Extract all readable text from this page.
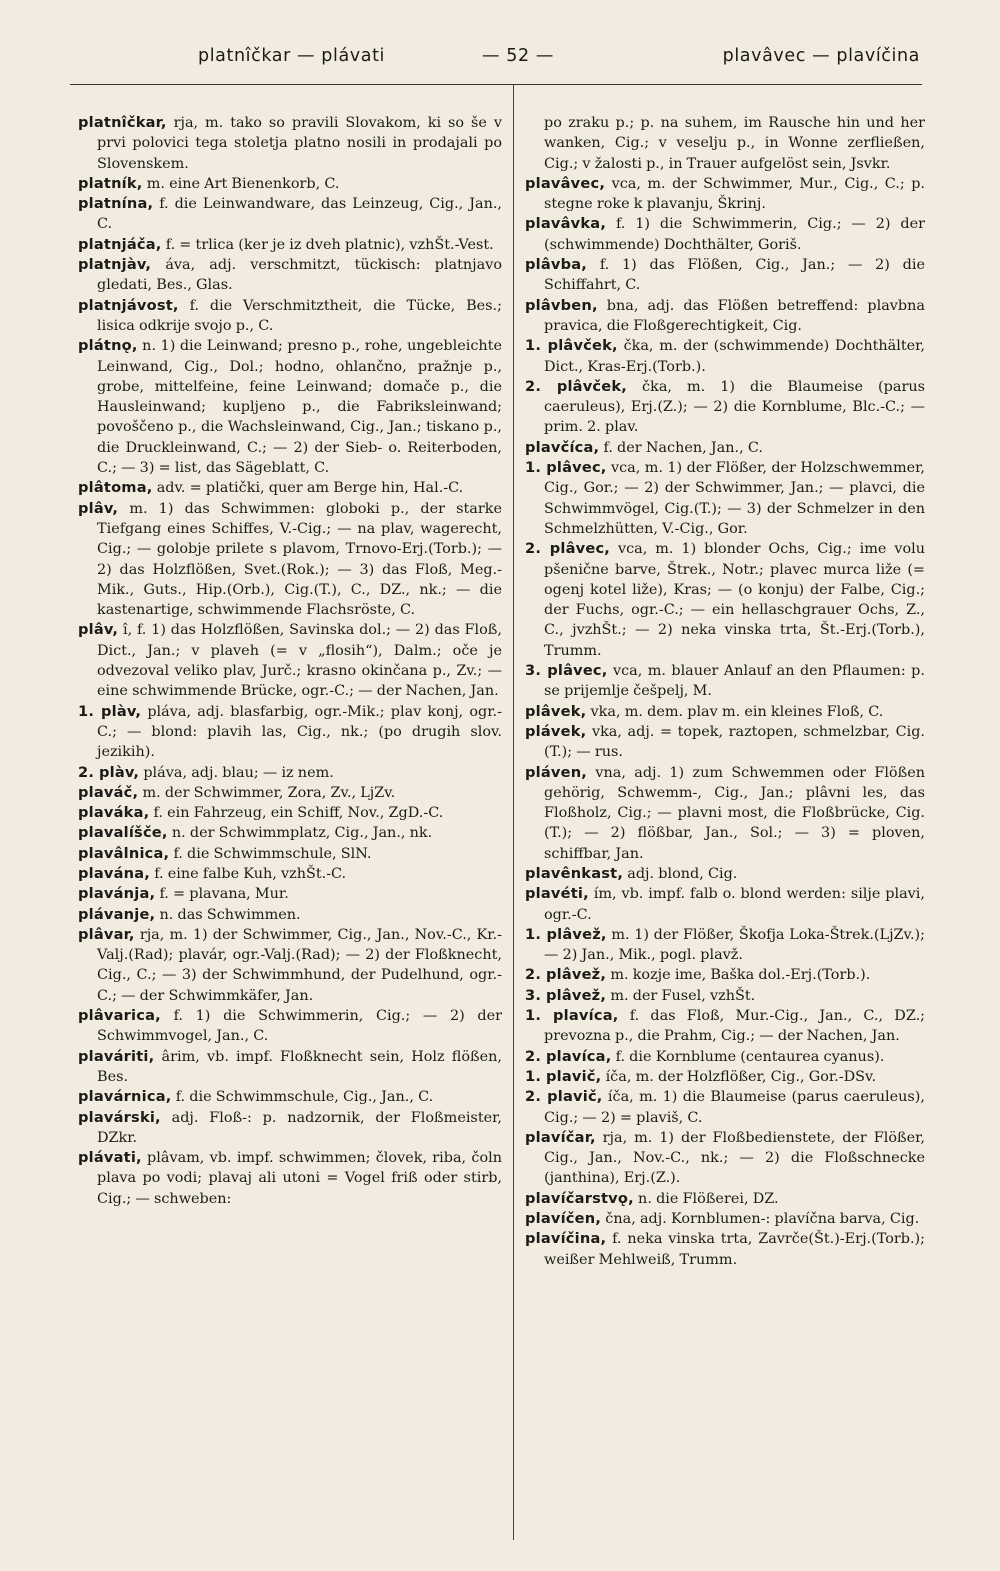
platnîčkar — plávati	— 52 —	plavâvec — plavíčina

platnîčkar, rja, m. tako so pravili Slovakom, ki so še v prvi polovici tega stoletja platno nosili in prodajali po Slovenskem.

platník, m. eine Art Bienenkorb, C.

platnína, f. die Leinwandware, das Leinzeug, Cig., Jan., C.

platnjáča, f. = trlica (ker je iz dveh platnic), vzhŠt.-Vest.

platnjàv, áva, adj. verschmitzt, tückisch: platnjavo gledati, Bes., Glas.

platnjávost, f. die Verschmitztheit, die Tücke, Bes.; lisica odkrije svojo p., C.

plátnǫ, n. 1) die Leinwand; presno p., rohe, ungebleichte Leinwand, Cig., Dol.; hodno, ohlančno, pražnje p., grobe, mittelfeine, feine Leinwand; domače p., die Hausleinwand; kupljeno p., die Fabriksleinwand; povoščeno p., die Wachsleinwand, Cig., Jan.; tiskano p., die Druckleinwand, C.; — 2) der Sieb- o. Reiterboden, C.; — 3) = list, das Sägeblatt, C.

plâtoma, adv. = platički, quer am Berge hin, Hal.-C.

plâv, m. 1) das Schwimmen: globoki p., der starke Tiefgang eines Schiffes, V.-Cig.; — na plav, wagerecht, Cig.; — golobje prilete s plavom, Trnovo-Erj.(Torb.); — 2) das Holzflößen, Svet.(Rok.); — 3) das Floß, Meg.-Mik., Guts., Hip.(Orb.), Cig.(T.), C., DZ., nk.; — die kastenartige, schwimmende Flachsröste, C.

plâv, î, f. 1) das Holzflößen, Savinska dol.; — 2) das Floß, Dict., Jan.; v plaveh (= v „flosih“), Dalm.; oče je odvezoval veliko plav, Jurč.; krasno okinčana p., Zv.; — eine schwimmende Brücke, ogr.-C.; — der Nachen, Jan.

1. plàv, pláva, adj. blasfarbig, ogr.-Mik.; plav konj, ogr.-C.; — blond: plavih las, Cig., nk.; (po drugih slov. jezikih).

2. plàv, pláva, adj. blau; — iz nem.

plaváč, m. der Schwimmer, Zora, Zv., LjZv.

plaváka, f. ein Fahrzeug, ein Schiff, Nov., ZgD.-C.

plavalíšče, n. der Schwimmplatz, Cig., Jan., nk.

plavâlnica, f. die Schwimmschule, SlN.

plavána, f. eine falbe Kuh, vzhŠt.-C.

plavánja, f. = plavana, Mur.

plávanje, n. das Schwimmen.

plâvar, rja, m. 1) der Schwimmer, Cig., Jan., Nov.-C., Kr.-Valj.(Rad); plavár, ogr.-Valj.(Rad); — 2) der Floßknecht, Cig., C.; — 3) der Schwimmhund, der Pudelhund, ogr.-C.; — der Schwimmkäfer, Jan.

plâvarica, f. 1) die Schwimmerin, Cig.; — 2) der Schwimmvogel, Jan., C.

plaváriti, ârim, vb. impf. Floßknecht sein, Holz flößen, Bes.

plavárnica, f. die Schwimmschule, Cig., Jan., C.

plavárski, adj. Floß-: p. nadzornik, der Floßmeister, DZkr.

plávati, plâvam, vb. impf. schwimmen; človek, riba, čoln plava po vodi; plavaj ali utoni = Vogel friß oder stirb, Cig.; — schweben:

po zraku p.; p. na suhem, im Rausche hin und her wanken, Cig.; v veselju p., in Wonne zerfließen, Cig.; v žalosti p., in Trauer aufgelöst sein, Jsvkr.

plavâvec, vca, m. der Schwimmer, Mur., Cig., C.; p. stegne roke k plavanju, Škrinj.

plavâvka, f. 1) die Schwimmerin, Cig.; — 2) der (schwimmende) Dochthälter, Goriš.

plâvba, f. 1) das Flößen, Cig., Jan.; — 2) die Schiffahrt, C.

plâvben, bna, adj. das Flößen betreffend: plavbna pravica, die Floßgerechtigkeit, Cig.

1. plâvček, čka, m. der (schwimmende) Dochthälter, Dict., Kras-Erj.(Torb.).

2. plâvček, čka, m. 1) die Blaumeise (parus caeruleus), Erj.(Z.); — 2) die Kornblume, Blc.-C.; — prim. 2. plav.

plavčíca, f. der Nachen, Jan., C.

1. plâvec, vca, m. 1) der Flößer, der Holzschwemmer, Cig., Gor.; — 2) der Schwimmer, Jan.; — plavci, die Schwimmvögel, Cig.(T.); — 3) der Schmelzer in den Schmelzhütten, V.-Cig., Gor.

2. plâvec, vca, m. 1) blonder Ochs, Cig.; ime volu pšenične barve, Štrek., Notr.; plavec murca liže (= ogenj kotel liže), Kras; — (o konju) der Falbe, Cig.; der Fuchs, ogr.-C.; — ein hellaschgrauer Ochs, Z., C., jvzhŠt.; — 2) neka vinska trta, Št.-Erj.(Torb.), Trumm.

3. plâvec, vca, m. blauer Anlauf an den Pflaumen: p. se prijemlje češpelj, M.

plâvek, vka, m. dem. plav m. ein kleines Floß, C.

plávek, vka, adj. = topek, raztopen, schmelzbar, Cig.(T.); — rus.

pláven, vna, adj. 1) zum Schwemmen oder Flößen gehörig, Schwemm-, Cig., Jan.; plâvni les, das Floßholz, Cig.; — plavni most, die Floßbrücke, Cig.(T.); — 2) flößbar, Jan., Sol.; — 3) = ploven, schiffbar, Jan.

plavênkast, adj. blond, Cig.

plavéti, ím, vb. impf. falb o. blond werden: silje plavi, ogr.-C.

1. plâvež, m. 1) der Flößer, Škofja Loka-Štrek.(LjZv.); — 2) Jan., Mik., pogl. plavž.

2. plâvež, m. kozje ime, Baška dol.-Erj.(Torb.).

3. plâvež, m. der Fusel, vzhŠt.

1. plavíca, f. das Floß, Mur.-Cig., Jan., C., DZ.; prevozna p., die Prahm, Cig.; — der Nachen, Jan.

2. plavíca, f. die Kornblume (centaurea cyanus).

1. plavič, íča, m. der Holzflößer, Cig., Gor.-DSv.

2. plavič, íča, m. 1) die Blaumeise (parus caeruleus), Cig.; — 2) = plaviš, C.

plavíčar, rja, m. 1) der Floßbedienstete, der Flößer, Cig., Jan., Nov.-C., nk.; — 2) die Floßschnecke (janthina), Erj.(Z.).

plavíčarstvǫ, n. die Flößerei, DZ.

plavíčen, čna, adj. Kornblumen-: plavíčna barva, Cig.

plavíčina, f. neka vinska trta, Zavrče(Št.)-Erj.(Torb.); weißer Mehlweiß, Trumm.
